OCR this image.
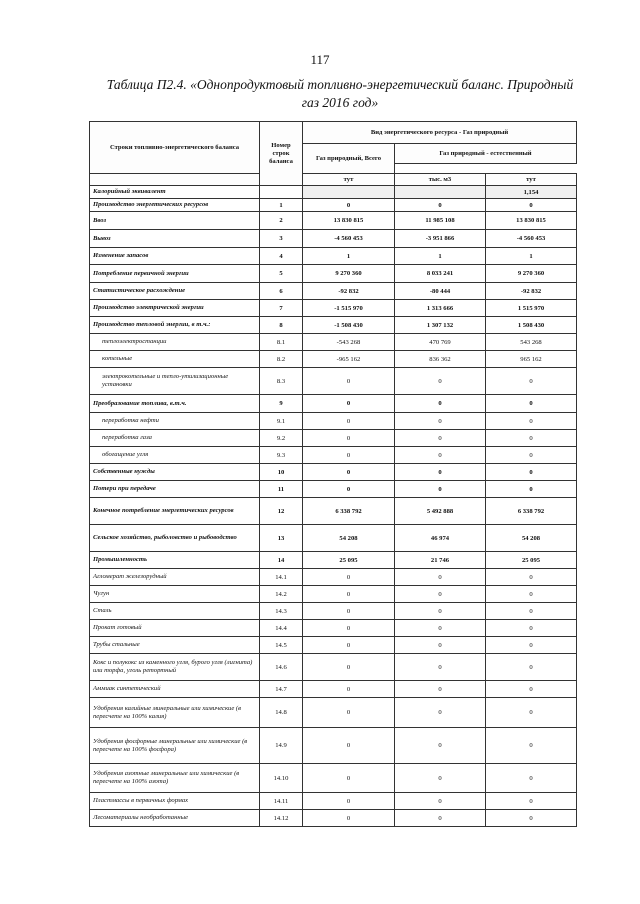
117
Таблица П2.4. «Однопродуктовый топливно-энергетический баланс. Природный
газ 2016 год»
Строки топливно-энергетического баланса	Номер строк баланса	Вид энергетического ресурса - Газ природный		
		Газ природный, Всего	Газ природный - естественный	

		тут	тыс. м3	тут
Калорийный эквивалент				1,154
Производство энергетических ресурсов	1	0	0	0
Ввоз	2	13 830 815	11 985 108	13 830 815
Вывоз	3	-4 560 453	-3 951 866	-4 560 453
Изменение запасов	4	1	1	1
Потребление первичной энергии	5	9 270 360	8 033 241	9 270 360
Статистическое расхождение	6	-92 832	-80 444	-92 832
Производство электрической энергии	7	-1 515 970	1 313 666	1 515 970
Производство тепловой энергии, в т.ч.:	8	-1 508 430	1 307 132	1 508 430
теплоэлектростанции	8.1	-543 268	470 769	543 268
котельные	8.2	-965 162	836 362	965 162
электрокотельные и тепло-утилизационные установки	8.3	0	0	0
Преобразование топлива, в.т.ч.	9	0	0	0
переработка нефти	9.1	0	0	0
переработка газа	9.2	0	0	0
обогащение угля	9.3	0	0	0
Собственные нужды	10	0	0	0
Потери при передаче	11	0	0	0
Конечное потребление энергетических ресурсов	12	6 338 792	5 492 888	6 338 792
Сельское хозяйство, рыболовство и рыбоводство	13	54 208	46 974	54 208
Промышленность	14	25 095	21 746	25 095
Агломерат железорудный	14.1	0	0	0
Чугун	14.2	0	0	0
Сталь	14.3	0	0	0
Прокат готовый	14.4	0	0	0
Трубы стальные	14.5	0	0	0
Кокс и полукокс из каменного угля, бурого угля (лигнита) или торфа, уголь ретортный	14.6	0	0	0
Аммиак синтетический	14.7	0	0	0
Удобрения калийные минеральные или химические (в пересчете на 100% калия)	14.8	0	0	0
Удобрения фосфорные минеральные или химические (в пересчете на 100% фосфора)	14.9	0	0	0
Удобрения азотные минеральные или химические (в пересчете на 100% азота)	14.10	0	0	0
Пластмассы в первичных формах	14.11	0	0	0
Лесоматериалы необработанные	14.12	0	0	0
